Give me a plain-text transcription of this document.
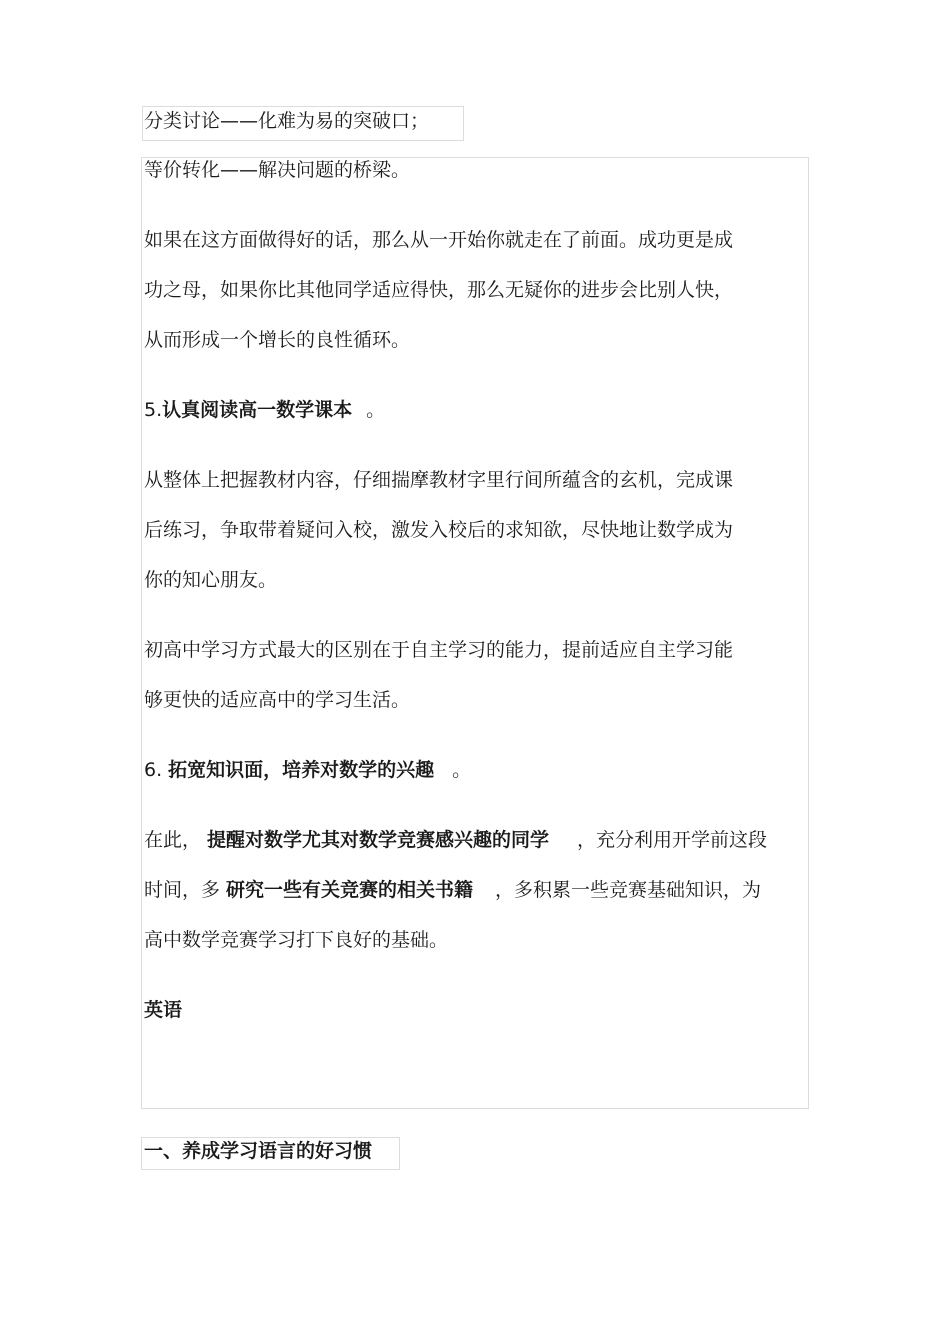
分类讨论——化难为易的突破口；
等价转化——解决问题的桥梁。
如果在这方面做得好的话，那么从一开始你就走在了前面。成功更是成
功之母，如果你比其他同学适应得快，那么无疑你的进步会比别人快，
从而形成一个增长的良性循环。
5.认真阅读高一数学课本 。
从整体上把握教材内容，仔细揣摩教材字里行间所蕴含的玄机，完成课
后练习，争取带着疑问入校，激发入校后的求知欲，尽快地让数学成为
你的知心朋友。
初高中学习方式最大的区别在于自主学习的能力，提前适应自主学习能
够更快的适应高中的学习生活。
6. 拓宽知识面，培养对数学的兴趣 。
在此， 提醒对数学尤其对数学竞赛感兴趣的同学 ，充分利用开学前这段
时间，多 研究一些有关竞赛的相关书籍 ，多积累一些竞赛基础知识，为
高中数学竞赛学习打下良好的基础。
英语
一、养成学习语言的好习惯
